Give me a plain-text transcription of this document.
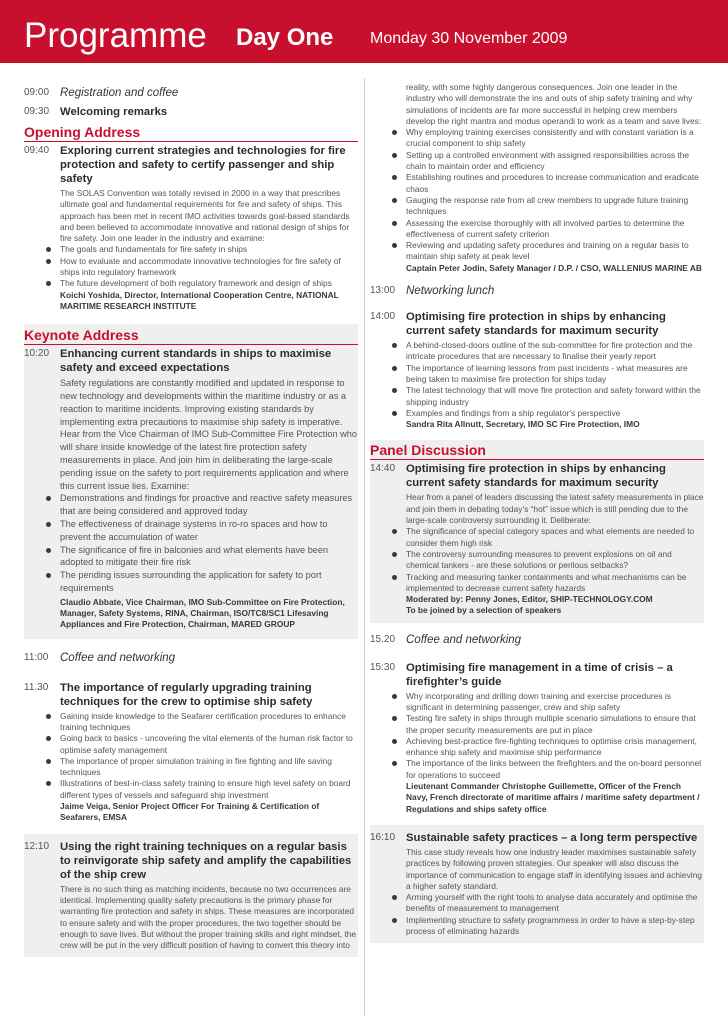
Programme Day One Monday 30 November 2009
09:00 Registration and coffee
09:30 Welcoming remarks
Opening Address
09:40 Exploring current strategies and technologies for fire protection and safety to certify passenger and ship safety
The SOLAS Convention was totally revised in 2000 in a way that prescribes ultimate goal and fundamental requirements for fire and safety of ships. This approach has been met in recent IMO activities towards goal-based standards and been believed to accommodate innovative and rational design of ships for fire safety. Join one leader in the industry and examine:
The goals and fundamentals for fire safety in ships
How to evaluate and accommodate innovative technologies for fire safety of ships into regulatory framework
The future development of both regulatory framework and design of ships
Koichi Yoshida, Director, International Cooperation Centre, NATIONAL MARITIME RESEARCH INSTITUTE
Keynote Address
10:20 Enhancing current standards in ships to maximise safety and exceed expectations
Safety regulations are constantly modified and updated in response to new technology and developments within the maritime industry or as a reaction to maritime incidents. Improving existing standards by implementing extra precautions to maximise ship safety is imperative. Hear from the Vice Chairman of IMO Sub-Committee Fire Protection who will share inside knowledge of the latest fire protection safety measurements in place. And join him in deliberating the large-scale pending issue on the safety to port requirements application and where this current issue lies. Examine:
Demonstrations and findings for proactive and reactive safety measures that are being considered and approved today
The effectiveness of drainage systems in ro-ro spaces and how to prevent the accumulation of water
The significance of fire in balconies and what elements have been adopted to mitigate their fire risk
The pending issues surrounding the application for safety to port requirements
Claudio Abbate, Vice Chairman, IMO Sub-Committee on Fire Protection, Manager, Safety Systems, RINA, Chairman, ISO/TC8/SC1 Lifesaving Appliances and Fire Protection, Chairman, MARED GROUP
11:00	Coffee and networking
11.30	The importance of regularly upgrading training techniques for the crew to optimise ship safety
Gaining inside knowledge to the Seafarer certification procedures to enhance training techniques
Going back to basics - uncovering the vital elements of the human risk factor to optimise safety management
The importance of proper simulation training in fire fighting and life saving techniques
Illustrations of best-in-class safety training to ensure high level safety on board different types of vessels and safeguard ship investment
Jaime Veiga, Senior Project Officer For Training & Certification of Seafarers, EMSA
12:10 Using the right training techniques on a regular basis to reinvigorate ship safety and amplify the capabilities of the ship crew
There is no such thing as matching incidents, because no two occurrences are identical. Implementing quality safety precautions is the primary phase for warranting fire protection and safety in ships. These measures are incorporated to ensure safety and with the proper procedures, the two together should be enough to save lives. But without the proper training skills and right mindset, the crew will be put in the very difficult position of having to convert this theory into
reality, with some highly dangerous consequences. Join one leader in the industry who will demonstrate the ins and outs of ship safety training and why simulations of incidents are far more successful in helping crew members develop the right mantra and modus operandi to work as a team and save lives:
Why employing training exercises consistently and with constant variation is a crucial component to ship safety
Setting up a controlled environment with assigned responsibilities across the chain to maintain order and efficiency
Establishing routines and procedures to increase communication and eradicate chaos
Gauging the response rate from all crew members to upgrade future training techniques
Assessing the exercise thoroughly with all involved parties to determine the effectiveness of current safety criterion
Reviewing and updating safety procedures and training on a regular basis to maintain ship safety at peak level
Captain Peter Jodin, Safety Manager / D.P. / CSO, WALLENIUS MARINE AB
13:00 Networking lunch
14:00 Optimising fire protection in ships by enhancing current safety standards for maximum security
A behind-closed-doors outline of the sub-committee for fire protection and the intricate procedures that are necessary to finalise their yearly report
The importance of learning lessons from past incidents - what measures are being taken to maximise fire protection for ships today
The latest technology that will move fire protection and safety forward within the shipping industry
Examples and findings from a ship regulator's perspective
Sandra Rita Allnutt, Secretary, IMO SC Fire Protection, IMO
Panel Discussion
14:40 Optimising fire protection in ships by enhancing current safety standards for maximum security
Hear from a panel of leaders discussing the latest safety measurements in place and join them in debating today’s “hot” issue which is still pending due to the large-scale controversy surrounding it. Deliberate:
The significance of special category spaces and what elements are needed to consider them high risk
The controversy surrounding measures to prevent explosions on oil and chemical tankers - are these solutions or perilous setbacks?
Tracking and measuring tanker containments and what mechanisms can be implemented to decrease current safety hazards
Moderated by: Penny Jones, Editor, SHIP-TECHNOLOGY.COM
To be joined by a selection of speakers
15.20 Coffee and networking
15:30 Optimising fire management in a time of crisis – a firefighter’s guide
Why incorporating and drilling down training and exercise procedures is significant in determining passenger, crew and ship safety
Testing fire safety in ships through multiple scenario simulations to ensure that the proper security measurements are put in place
Achieving best-practice fire-fighting techniques to optimise crisis management, enhance ship safety and maximise ship performance
The importance of the links between the firefighters and the on-board personnel for operations to succeed
Lieutenant Commander Christophe Guillemette, Officer of the French Navy, French directorate of maritime affairs / maritime safety department / Regulations and ships safety office
16:10 Sustainable safety practices – a long term perspective
This case study reveals how one industry leader maximises sustainable safety practices by following proven strategies. Our speaker will also discuss the importance of communication to engage staff in identifying issues and achieving a higher safety standard.
Arming yourself with the right tools to analyse data accurately and optimise the benefits of measurement to management
Implementing structure to safety programmess in order to have a step-by-step process of eliminating hazards
